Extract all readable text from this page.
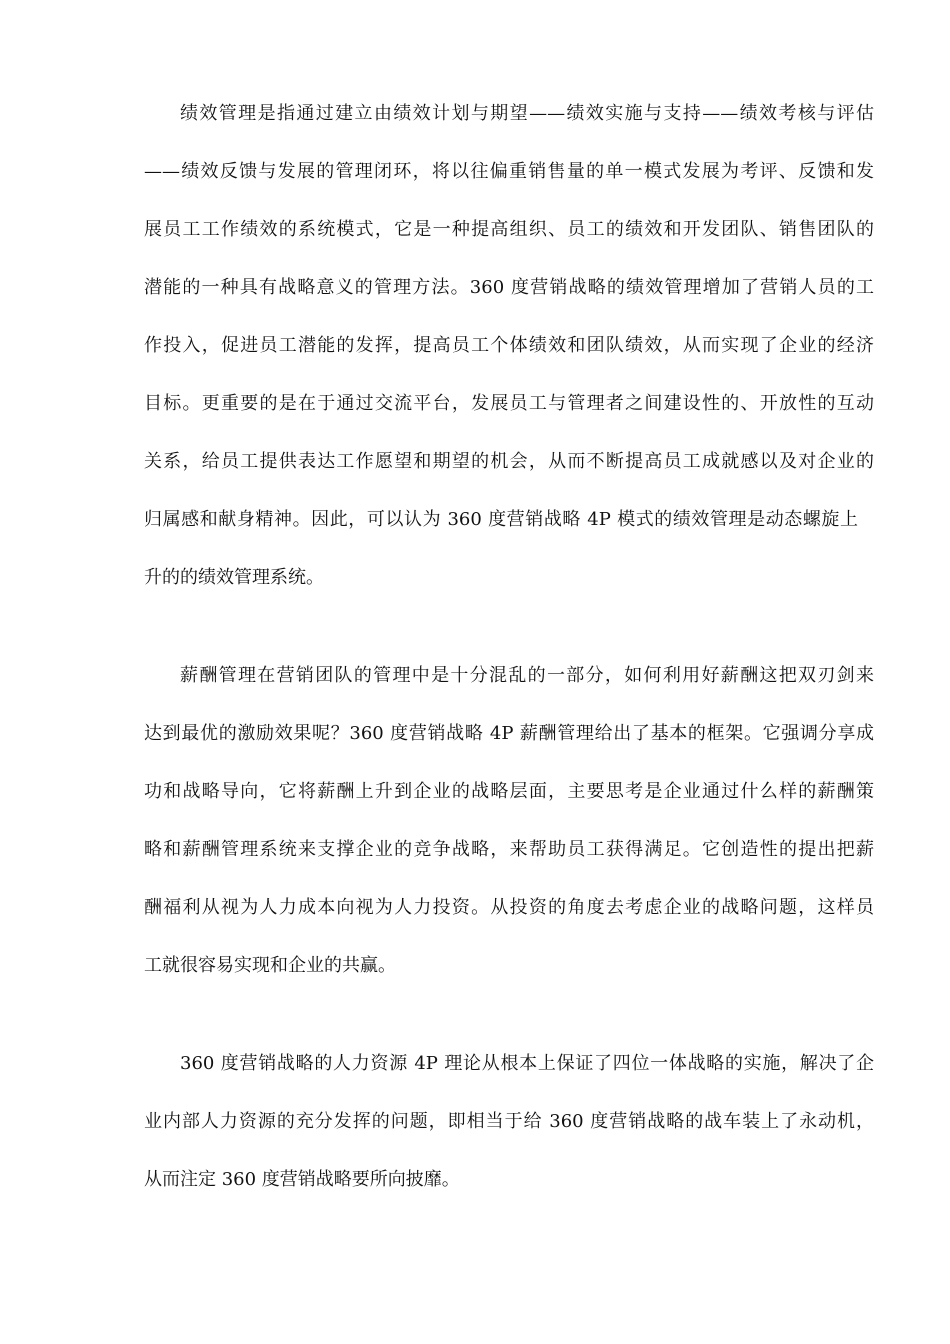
绩效管理是指通过建立由绩效计划与期望——绩效实施与支持——绩效考核与评估
——绩效反馈与发展的管理闭环，将以往偏重销售量的单一模式发展为考评、反馈和发
展员工工作绩效的系统模式，它是一种提高组织、员工的绩效和开发团队、销售团队的
潜能的一种具有战略意义的管理方法。360 度营销战略的绩效管理增加了营销人员的工
作投入，促进员工潜能的发挥，提高员工个体绩效和团队绩效，从而实现了企业的经济
目标。更重要的是在于通过交流平台，发展员工与管理者之间建设性的、开放性的互动
关系，给员工提供表达工作愿望和期望的机会，从而不断提高员工成就感以及对企业的
归属感和献身精神。因此，可以认为 360 度营销战略 4P 模式的绩效管理是动态螺旋上
升的的绩效管理系统。
薪酬管理在营销团队的管理中是十分混乱的一部分，如何利用好薪酬这把双刃剑来
达到最优的激励效果呢？360 度营销战略 4P 薪酬管理给出了基本的框架。它强调分享成
功和战略导向，它将薪酬上升到企业的战略层面，主要思考是企业通过什么样的薪酬策
略和薪酬管理系统来支撑企业的竞争战略，来帮助员工获得满足。它创造性的提出把薪
酬福利从视为人力成本向视为人力投资。从投资的角度去考虑企业的战略问题，这样员
工就很容易实现和企业的共赢。
360 度营销战略的人力资源 4P 理论从根本上保证了四位一体战略的实施，解决了企
业内部人力资源的充分发挥的问题，即相当于给 360 度营销战略的战车装上了永动机，
从而注定 360 度营销战略要所向披靡。
